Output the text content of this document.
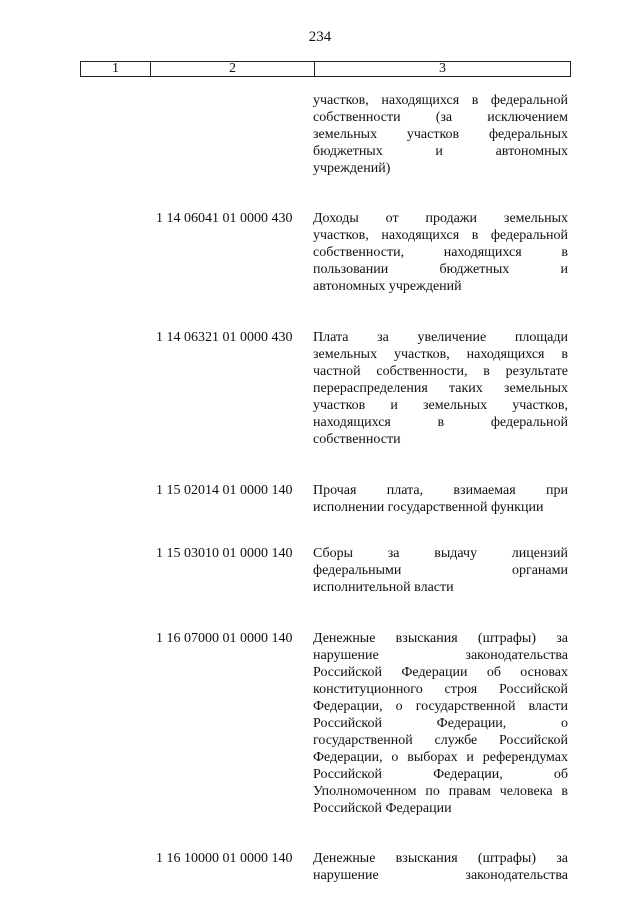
234
1	2	3
участков, находящихся в федеральной
собственности (за исключением
земельных участков федеральных
бюджетных и автономных
учреждений)
1 14 06041 01 0000 430	Доходы от продажи земельных
участков, находящихся в федеральной
собственности, находящихся в
пользовании бюджетных и
автономных учреждений
1 14 06321 01 0000 430	Плата за увеличение площади
земельных участков, находящихся в
частной собственности, в результате
перераспределения таких земельных
участков и земельных участков,
находящихся в федеральной
собственности
1 15 02014 01 0000 140	Прочая плата, взимаемая при
исполнении государственной функции
1 15 03010 01 0000 140	Сборы за выдачу лицензий
федеральными органами
исполнительной власти
1 16 07000 01 0000 140	Денежные взыскания (штрафы) за
нарушение законодательства
Российской Федерации об основах
конституционного строя Российской
Федерации, о государственной власти
Российской Федерации, о
государственной службе Российской
Федерации, о выборах и референдумах
Российской Федерации, об
Уполномоченном по правам человека в
Российской Федерации
1 16 10000 01 0000 140	Денежные взыскания (штрафы) за
нарушение законодательства
